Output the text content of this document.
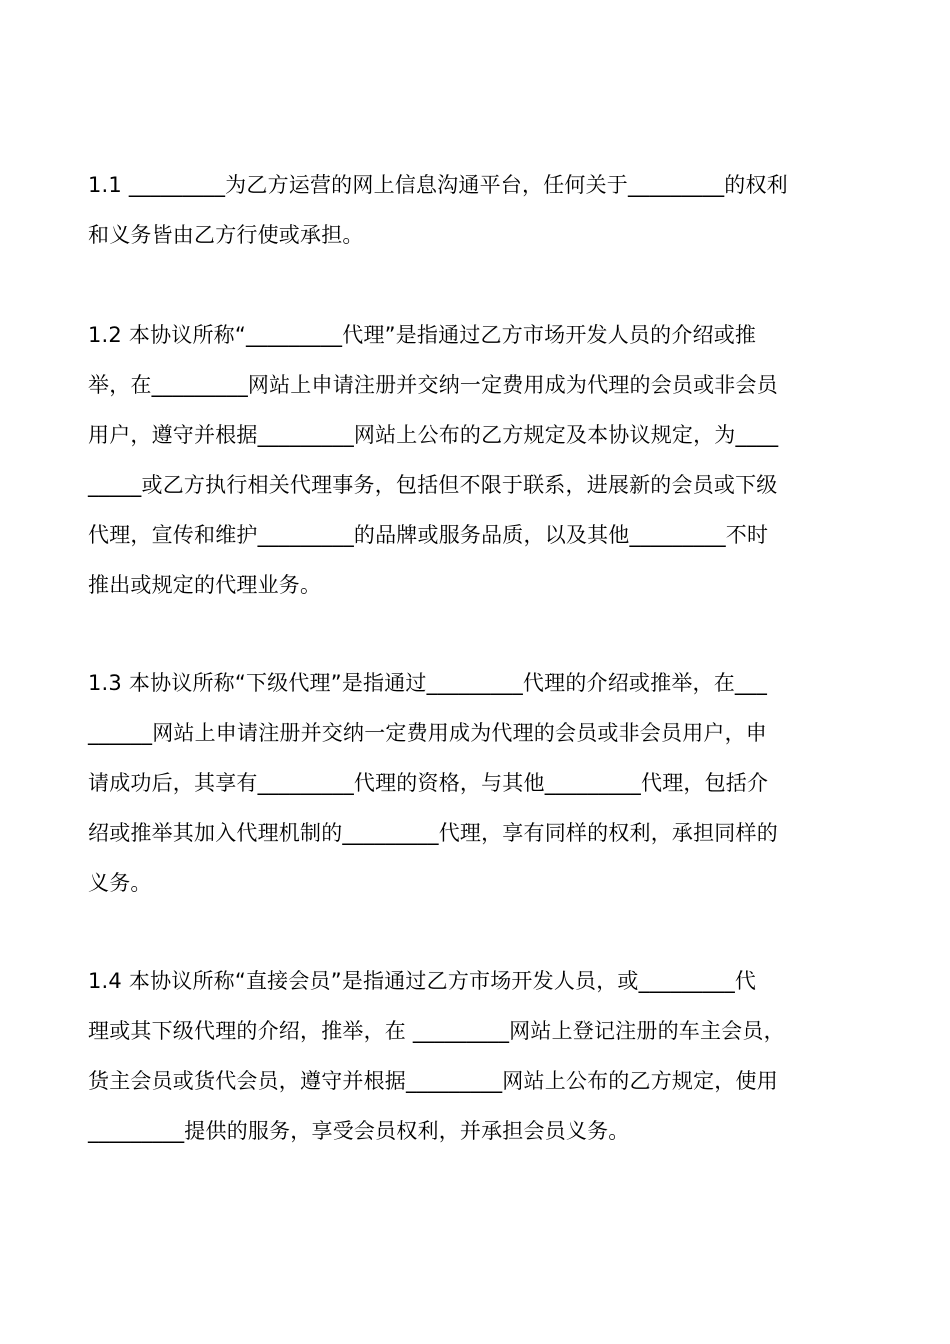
1.1 _________为乙方运营的网上信息沟通平台，任何关于_________的权利
和义务皆由乙方行使或承担。
1.2 本协议所称“_________代理”是指通过乙方市场开发人员的介绍或推
举，在_________网站上申请注册并交纳一定费用成为代理的会员或非会员
用户，遵守并根据_________网站上公布的乙方规定及本协议规定，为____
_____或乙方执行相关代理事务，包括但不限于联系，进展新的会员或下级
代理，宣传和维护_________的品牌或服务品质，以及其他_________不时
推出或规定的代理业务。
1.3 本协议所称“下级代理”是指通过_________代理的介绍或推举，在___
______网站上申请注册并交纳一定费用成为代理的会员或非会员用户，申
请成功后，其享有_________代理的资格，与其他_________代理，包括介
绍或推举其加入代理机制的_________代理，享有同样的权利，承担同样的
义务。
1.4 本协议所称“直接会员”是指通过乙方市场开发人员，或_________代
理或其下级代理的介绍，推举，在 _________网站上登记注册的车主会员，
货主会员或货代会员，遵守并根据_________网站上公布的乙方规定，使用
_________提供的服务，享受会员权利，并承担会员义务。
